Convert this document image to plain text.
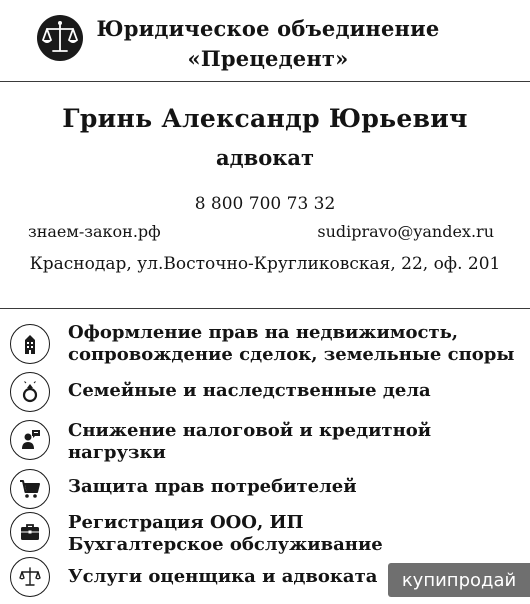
Юридическое объединение
«Прецедент»
Гринь Александр Юрьевич
адвокат
8 800 700 73 32
знаем-закон.рф	sudipravo@yandex.ru
Краснодар, ул.Восточно-Кругликовская, 22, оф. 201
Оформление прав на недвижимость,
сопровождение сделок, земельные споры
Семейные и наследственные дела
Снижение налоговой и кредитной
нагрузки
Защита прав потребителей
Регистрация ООО, ИП
Бухгалтерское обслуживание
Услуги оценщика и адвоката	купипродай
